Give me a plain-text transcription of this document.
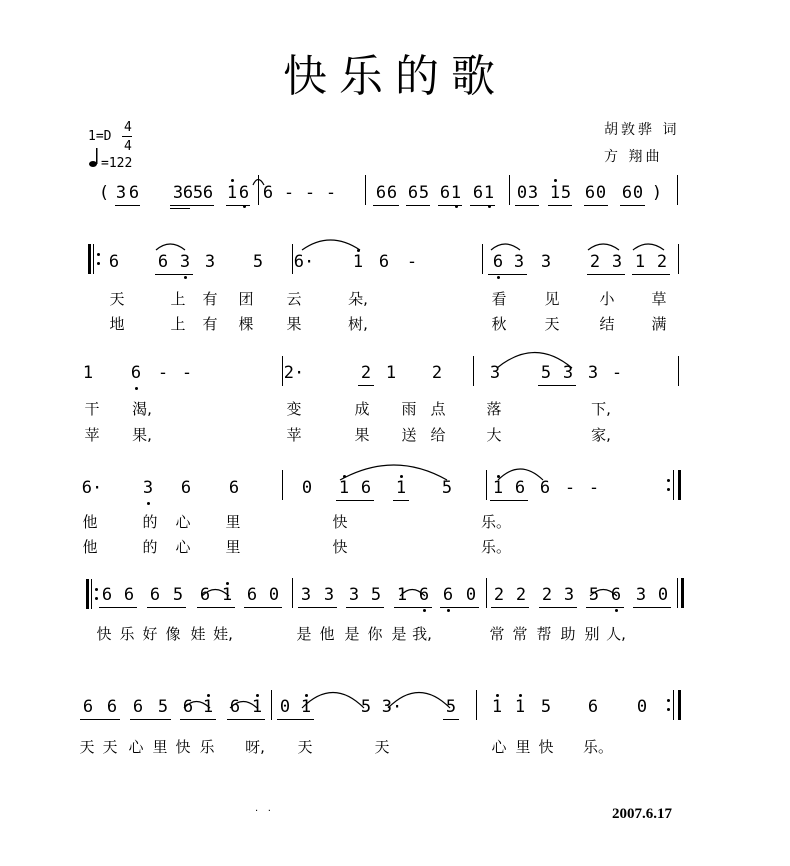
快乐的歌
1=D
4
4
=122
胡敦骅 词
方 翔曲
2007.6.17
·   ·
( 3 6 3 6 5 6 1 6 6 - - - 6 6 6 5 6 1 6 1 0 3 1 5 6 0 6 0 )
6 6 3 3 5 6· 1 6 -	6 3 3 2 3 1 2
天	上 有 团 云	朵,	看	见	小 草
地	上 有 棵 果	树,	秋	天	结 满
1 6 - -	2·	2 1 2	3 5 3 3 -
干 渴,	变	成 雨 点	落	下,
苹 果,	苹	果 送 给	大	家,
6· 3 6 6	0 1 6 1 5 1 6 6 - -
他	的 心 里	快	乐。
他	的 心 里	快	乐。
6 6 6 5 6 1 6 0 3 3 3 5 1 6 6 0 2 2 2 3 5 6 3 0
快 乐 好 像 娃 娃,	是 他 是 你 是 我,	常 常 帮 助 别 人,
6 6 6 5 6 1 6 1 0 1	5 3·	5 1 1 5 6 0
天 天 心 里 快 乐 呀, 天	天	心 里 快 乐。
